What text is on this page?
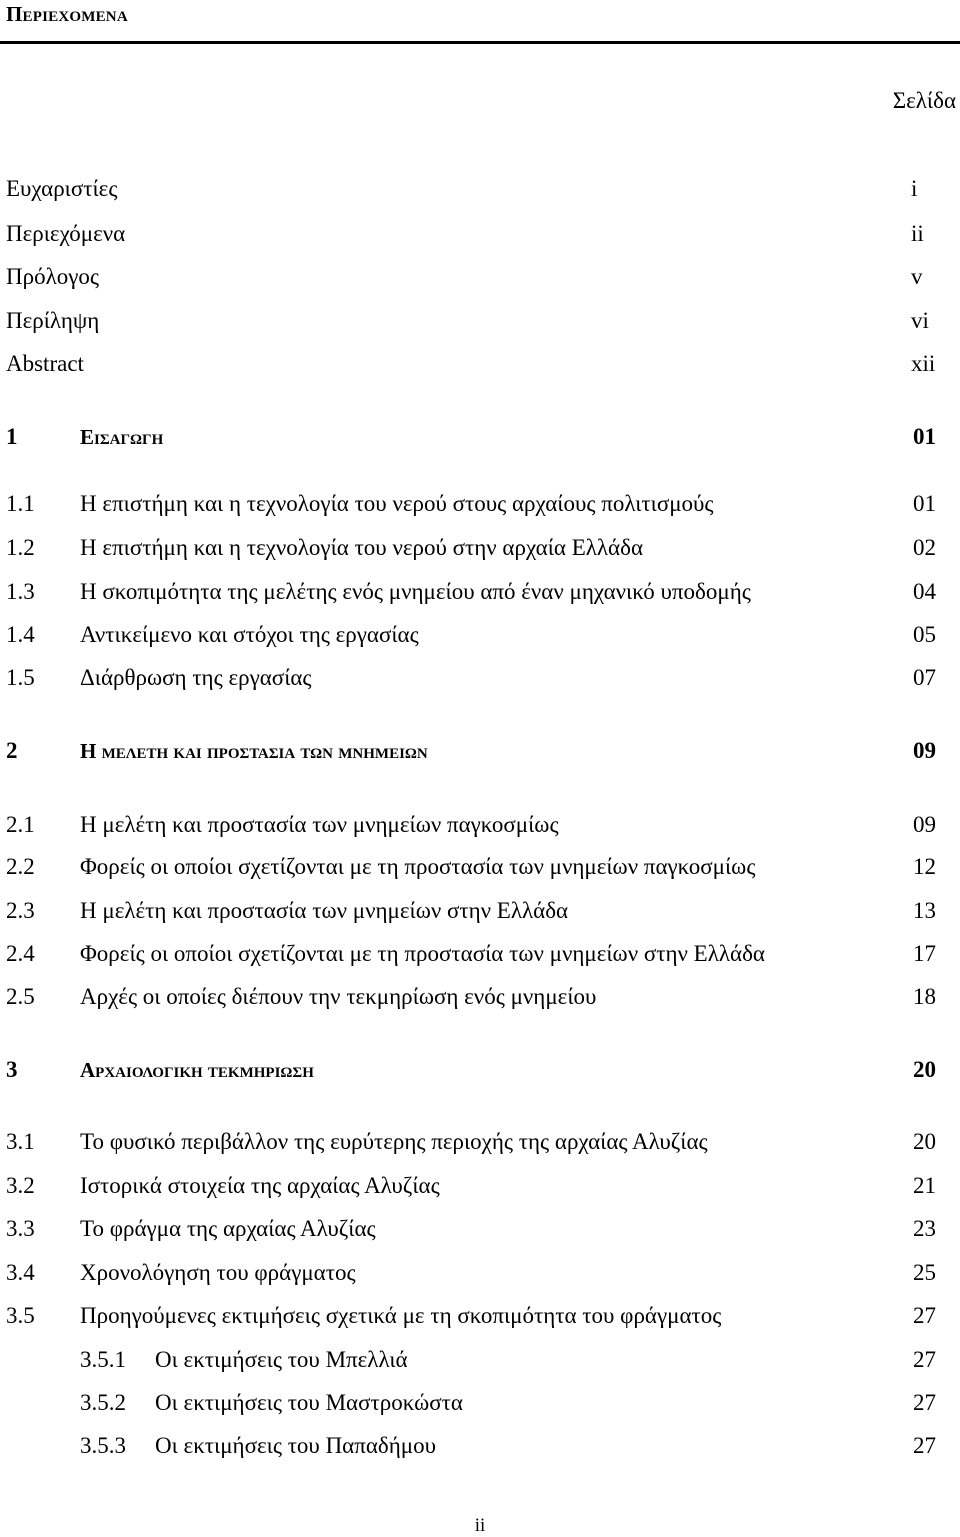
Περιεχομενα
Σελίδα
Ευχαριστίες	i
Περιεχόμενα	ii
Πρόλογος	v
Περίληψη	vi
Abstract	xii
1	Εισαγωγη	01
1.1 Η επιστήμη και η τεχνολογία του νερού στους αρχαίους πολιτισμούς	01
1.2 Η επιστήμη και η τεχνολογία του νερού στην αρχαία Ελλάδα	02
1.3 Η σκοπιμότητα της μελέτης ενός μνημείου από έναν μηχανικό υποδομής	04
1.4 Αντικείμενο και στόχοι της εργασίας	05
1.5 Διάρθρωση της εργασίας	07
2	Η μελετη και προστασια των μνημειων	09
2.1 Η μελέτη και προστασία των μνημείων παγκοσμίως	09
2.2 Φορείς οι οποίοι σχετίζονται με τη προστασία των μνημείων παγκοσμίως	12
2.3 Η μελέτη και προστασία των μνημείων στην Ελλάδα	13
2.4 Φορείς οι οποίοι σχετίζονται με τη προστασία των μνημείων στην Ελλάδα	17
2.5 Αρχές οι οποίες διέπουν την τεκμηρίωση ενός μνημείου	18
3	Αρχαιολογικη τεκμηριωση	20
3.1 Το φυσικό περιβάλλον της ευρύτερης περιοχής της αρχαίας Αλυζίας	20
3.2 Ιστορικά στοιχεία της αρχαίας Αλυζίας	21
3.3 Το φράγμα της αρχαίας Αλυζίας	23
3.4 Χρονολόγηση του φράγματος	25
3.5 Προηγούμενες εκτιμήσεις σχετικά με τη σκοπιμότητα του φράγματος	27
3.5.1 Οι εκτιμήσεις του Μπελλιά	27
3.5.2 Οι εκτιμήσεις του Μαστροκώστα	27
3.5.3 Οι εκτιμήσεις του Παπαδήμου	27
ii
